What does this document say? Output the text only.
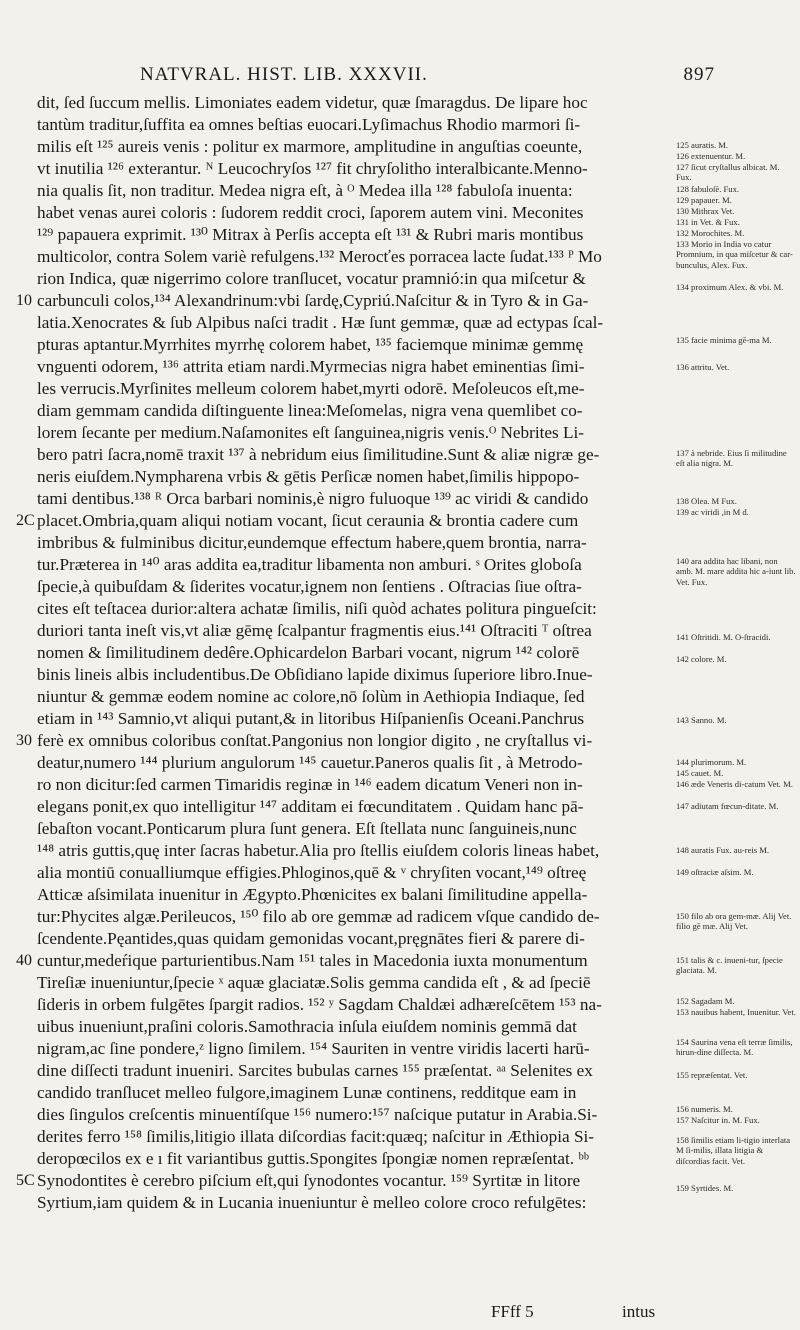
NATVRAL. HIST. LIB. XXXVII.	897
dit, ſed ſuccum mellis. Limoniates eadem videtur, quæ ſmaragdus. De lipare hoc
tantùm traditur,ſuffita ea omnes beſtias euocari.Lyſimachus Rhodio marmori ſi-
milis eſt ¹²⁵ aureis venis : politur ex marmore, amplitudine in anguſtias coeunte,
vt inutilia ¹²⁶ exterantur. ᴺ Leucochryſos ¹²⁷ fit chryſolitho interalbicante.Menno-
nia qualis ſit, non traditur. Medea nigra eſt, à ᴼ Medea illa ¹²⁸ fabuloſa inuenta:
habet venas aurei coloris : ſudorem reddit croci, ſaporem autem vini. Meconites
¹²⁹ papauera exprimit. ¹³⁰ Mitrax à Perſis accepta eſt ¹³¹ & Rubri maris montibus
multicolor, contra Solem variè refulgens.¹³² Merocťes porracea lacte ſudat.¹³³ ᴾ Mo
rion Indica, quæ nigerrimo colore tranſlucet, vocatur pramnió:in qua miſcetur &
carbunculi colos,¹³⁴ Alexandrinum:vbi ſardę,Cypriú.Naſcitur & in Tyro & in Ga-
latia.Xenocrates & ſub Alpibus naſci tradit . Hæ ſunt gemmæ, quæ ad ectypas ſcal-
pturas aptantur.Myrrhites myrrhę colorem habet, ¹³⁵ faciemque minimæ gemmę
vnguenti odorem, ¹³⁶ attrita etiam nardi.Myrmecias nigra habet eminentias ſimi-
les verrucis.Myrſinites melleum colorem habet,myrti odorē. Meſoleucos eſt,me-
diam gemmam candida diſtinguente linea:Meſomelas, nigra vena quemlibet co-
lorem ſecante per medium.Naſamonites eſt ſanguinea,nigris venis.ᴼ Nebrites Li-
bero patri ſacra,nomē traxit ¹³⁷ à nebridum eius ſimilitudine.Sunt & aliæ nigræ ge-
neris eiuſdem.Nympharena vrbis & gētis Perſicæ nomen habet,ſimilis hippopo-
tami dentibus.¹³⁸ ᴿ Orca barbari nominis,è nigro fuluoque ¹³⁹ ac viridi & candido
placet.Ombria,quam aliqui notiam vocant, ſicut ceraunia & brontia cadere cum
imbribus & fulminibus dicitur,eundemque effectum habere,quem brontia, narra-
tur.Præterea in ¹⁴⁰ aras addita ea,traditur libamenta non amburi. ˢ Orites globoſa
ſpecie,à quibuſdam & ſiderites vocatur,ignem non ſentiens . Oſtracias ſiue oſtra-
cites eſt teſtacea durior:altera achatæ ſimilis, niſi quòd achates politura pingueſcit:
duriori tanta ineſt vis,vt aliæ gēmę ſcalpantur fragmentis eius.¹⁴¹ Oſtraciti ᵀ oſtrea
nomen & ſimilitudinem dedêre.Ophicardelon Barbari vocant, nigrum ¹⁴² colorē
binis lineis albis includentibus.De Obſidiano lapide diximus ſuperiore libro.Inue-
niuntur & gemmæ eodem nomine ac colore,nō ſolùm in Aethiopia Indiaque, ſed
etiam in ¹⁴³ Samnio,vt aliqui putant,& in litoribus Hiſpanienſis Oceani.Panchrus
ferè ex omnibus coloribus conſtat.Pangonius non longior digito , ne cryſtallus vi-
deatur,numero ¹⁴⁴ plurium angulorum ¹⁴⁵ cauetur.Paneros qualis ſit , à Metrodo-
ro non dicitur:ſed carmen Timaridis reginæ in ¹⁴⁶ eadem dicatum Veneri non in-
elegans ponit,ex quo intelligitur ¹⁴⁷ additam ei fœcunditatem . Quidam hanc pā-
ſebaſton vocant.Ponticarum plura ſunt genera. Eſt ſtellata nunc ſanguineis,nunc
¹⁴⁸ atris guttis,quę inter ſacras habetur.Alia pro ſtellis eiuſdem coloris lineas habet,
alia montiū conualliumque effigies.Phloginos,quē & ᵛ chryſiten vocant,¹⁴⁹ oſtreę
Atticæ aſsimilata inuenitur in Ægypto.Phœnicites ex balani ſimilitudine appella-
tur:Phycites algæ.Perileucos, ¹⁵⁰ filo ab ore gemmæ ad radicem vſque candido de-
ſcendente.Pęantides,quas quidam gemonidas vocant,pręgnātes fieri & parere di-
cuntur,medeŕique parturientibus.Nam ¹⁵¹ tales in Macedonia iuxta monumentum
Tireſiæ inueniuntur,ſpecie ˣ aquæ glaciatæ.Solis gemma candida eſt , & ad ſpeciē
ſideris in orbem fulgētes ſpargit radios. ¹⁵² ʸ Sagdam Chaldæi adhæreſcētem ¹⁵³ na-
uibus inueniunt,praſini coloris.Samothracia inſula eiuſdem nominis gemmā dat
nigram,ac ſine pondere,ᶻ ligno ſimilem. ¹⁵⁴ Sauriten in ventre viridis lacerti harū-
dine diſſecti tradunt inueniri. Sarcites bubulas carnes ¹⁵⁵ præſentat. ᵃᵃ Selenites ex
candido tranſlucet melleo fulgore,imaginem Lunæ continens, redditque eam in
dies ſingulos creſcentis minuentíſque ¹⁵⁶ numero:¹⁵⁷ naſcique putatur in Arabia.Si-
derites ferro ¹⁵⁸ ſimilis,litigio illata diſcordias facit:quæq; naſcitur in Æthiopia Si-
deropœcilos ex e ı fit variantibus guttis.Spongites ſpongiæ nomen repræſentat. ᵇᵇ
Synodontites è cerebro piſcium eſt,qui ſynodontes vocantur. ¹⁵⁹ Syrtitæ in litore
Syrtium,iam quidem & in Lucania inueniuntur è melleo colore croco refulgētes:
10
2C
30
40
5C
125 auratis. M.
126 extenuentur. M.
127 ſicut cryſtallus albicat. M. Fux.
128 fabuloſè. Fux.
129 papauer. M.
130 Mithrax Vet.
131 in Vet. & Fux.
132 Morochites. M.
133 Morio in India vo catur Promnium, in qua miſcetur & car-bunculus, Alex. Fux.
134 proximum Alex. & vbi. M.
135 facie minima gē-ma M.
136 attritu. Vet.
137 à nebride. Eius ſi militudine eſt alia nigra. M.
138 Olea. M Fux.
139 ac viridi ,in M d.
140 ara addita hac libani, non amb. M. mare addita hic a-iunt lib. Vet. Fux.
141 Oſtritidi. M. O-ſtracidi.
142 colore. M.
143 Sanno. M.
144 plurimorum. M.
145 cauet. M.
146 æde Veneris di-catum Vet. M.
147 adiutam fœcun-ditate. M.
148 auratis Fux. au-reis M.
149 oſtraciæ aſsim. M.
150 filo ab ora gem-mæ. Alij Vet. filio gē mæ. Alij Vet.
151 talis & c. inueni-tur, ſpecie glaciata. M.
152 Sagadam M.
153 nauibus habent, Inuenitur. Vet.
154 Saurina vena eſt terræ ſimilis, hirun-dine diſſecta. M.
155 repræſentat. Vet.
156 numeris. M.
157 Naſcitur in. M. Fux.
158 ſimilis etiam li-tigio interlata M ſi-milis, illata litigia & diſcordias facit. Vet.
159 Syrtides. M.
FFff 5	intus
